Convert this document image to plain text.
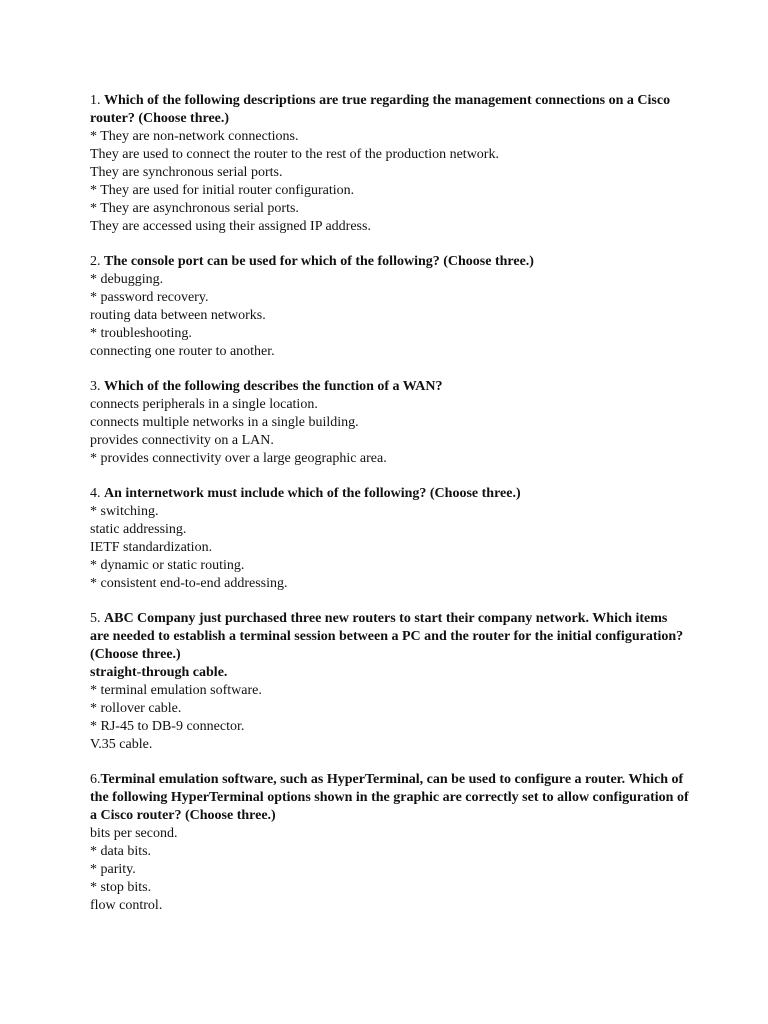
1. Which of the following descriptions are true regarding the management connections on a Cisco router? (Choose three.)

* They are non-network connections.

They are used to connect the router to the rest of the production network.

They are synchronous serial ports.

* They are used for initial router configuration.

* They are asynchronous serial ports.

They are accessed using their assigned IP address.

2. The console port can be used for which of the following? (Choose three.)

* debugging.

* password recovery.

routing data between networks.

* troubleshooting.

connecting one router to another.

3. Which of the following describes the function of a WAN?

connects peripherals in a single location.

connects multiple networks in a single building.

provides connectivity on a LAN.

* provides connectivity over a large geographic area.

4. An internetwork must include which of the following? (Choose three.)

* switching.

static addressing.

IETF standardization.

* dynamic or static routing.

* consistent end-to-end addressing.

5. ABC Company just purchased three new routers to start their company network. Which items are needed to establish a terminal session between a PC and the router for the initial configuration? (Choose three.)

straight-through cable.

* terminal emulation software.

* rollover cable.

* RJ-45 to DB-9 connector.

V.35 cable.

6.Terminal emulation software, such as HyperTerminal, can be used to configure a router. Which of the following HyperTerminal options shown in the graphic are correctly set to allow configuration of a Cisco router? (Choose three.)

bits per second.

* data bits.

* parity.

* stop bits.

flow control.
